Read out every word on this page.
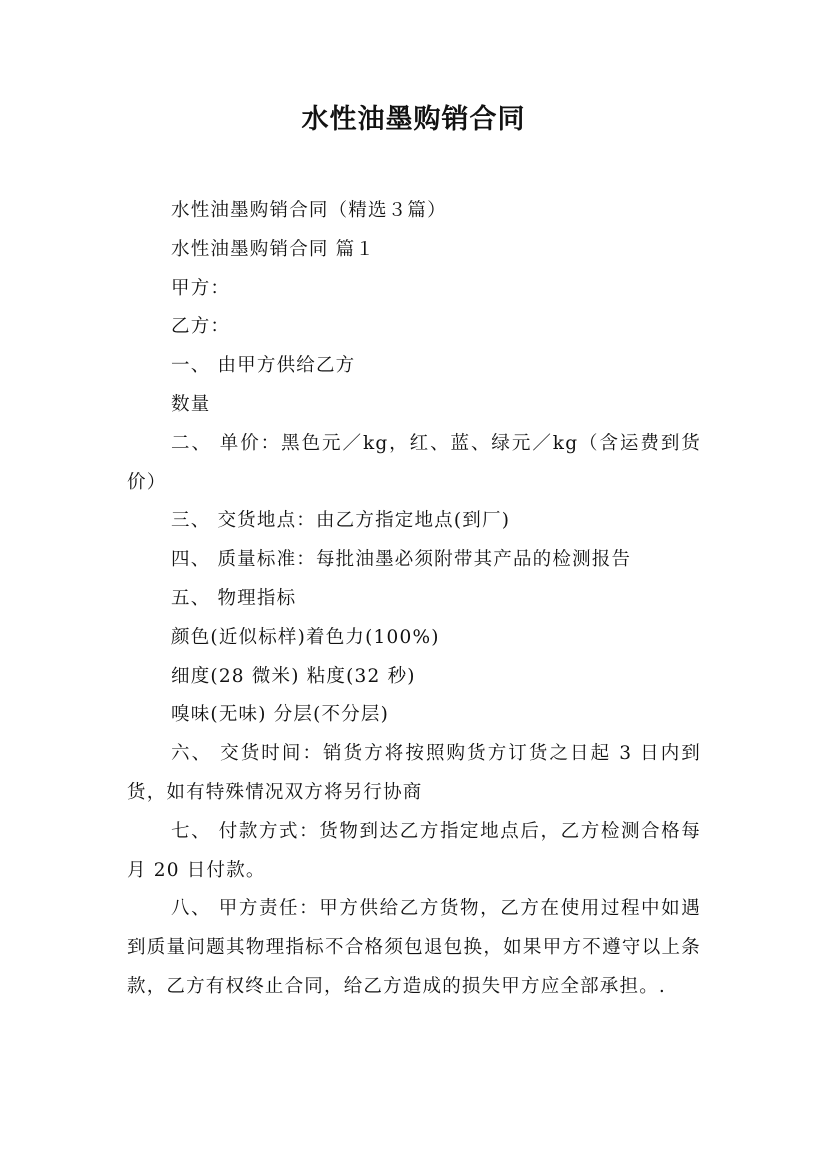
水性油墨购销合同

水性油墨购销合同（精选３篇）

水性油墨购销合同 篇１

甲方：

乙方：

一、 由甲方供给乙方

数量

二、 单价：黑色元／kg，红、蓝、绿元／kg（含运费到货价）

三、 交货地点：由乙方指定地点(到厂)

四、 质量标准：每批油墨必须附带其产品的检测报告

五、 物理指标

颜色(近似标样)着色力(100%)

细度(28 微米) 粘度(32 秒)

嗅味(无味) 分层(不分层)

六、 交货时间：销货方将按照购货方订货之日起 3 日内到货，如有特殊情况双方将另行协商

七、 付款方式：货物到达乙方指定地点后，乙方检测合格每月 20 日付款。

八、 甲方责任：甲方供给乙方货物，乙方在使用过程中如遇到质量问题其物理指标不合格须包退包换，如果甲方不遵守以上条款，乙方有权终止合同，给乙方造成的损失甲方应全部承担。.
